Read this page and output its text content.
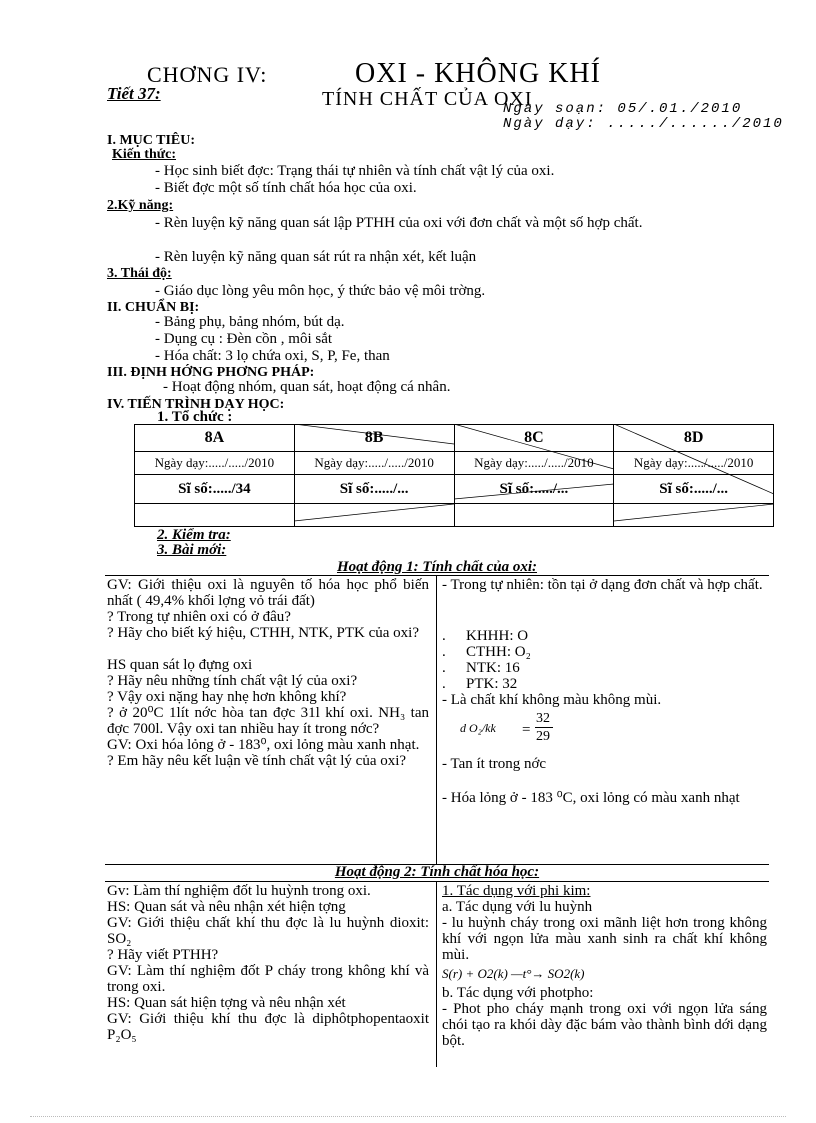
CHƠNG IV:
Tiết 37:
OXI - KHÔNG KHÍ
TÍNH CHẤT CỦA OXI
Ngày soạn: 05/.01./2010
Ngày dạy: ...../....../2010
I. MỤC TIÊU:
Kiến thức:
- Học sinh biết đợc: Trạng thái tự nhiên và tính chất vật lý của oxi.
- Biết đợc một số tính chất hóa học của oxi.
2.Kỹ năng:
- Rèn luyện kỹ năng quan sát lập PTHH của oxi với đơn chất và một số hợp chất.
- Rèn luyện kỹ năng quan sát rút ra nhận xét, kết luận
3. Thái độ:
- Giáo dục lòng yêu môn học, ý thức bảo vệ môi trờng.
II. CHUẨN BỊ:
- Bảng phụ, bảng nhóm, bút dạ.
- Dụng cụ : Đèn cồn , môi sắt
- Hóa chất: 3 lọ chứa oxi, S, P, Fe, than
III. ĐỊNH HỚNG PHƠNG PHÁP:
- Hoạt động nhóm, quan sát, hoạt động cá nhân.
IV. TIẾN TRÌNH DẠY HỌC:
1. Tổ chức :
8A	8B	8C	8D
Ngày dạy:...../...../2010	Ngày dạy:...../...../2010	Ngày dạy:...../...../2010	Ngày dạy:...../...../2010
Sĩ số:...../34	Sĩ số:...../...	Sĩ số:...../...	Sĩ số:...../...

2. Kiểm tra:
3. Bài mới:
Hoạt động 1: Tính chất của oxi:

GV: Giới thiệu oxi là nguyên tố hóa học phổ biến nhất ( 49,4% khối lợng vỏ trái đất)

? Trong tự nhiên oxi có ở đâu?

? Hãy cho biết ký hiệu, CTHH, NTK, PTK của oxi?

HS quan sát lọ đựng oxi

? Hãy nêu những tính chất vật lý của oxi?

? Vậy oxi nặng hay nhẹ hơn không khí?

? ở 20⁰C 1lít nớc hòa tan đợc 31l khí oxi. NH₃ tan đợc 700l. Vậy oxi tan nhiều hay ít trong nớc?

GV: Oxi hóa lỏng ở - 183⁰, oxi lỏng màu xanh nhạt.

? Em hãy nêu kết luận về tính chất vật lý của oxi?

- Trong tự nhiên: tồn tại ở dạng đơn chất và hợp chất.

. KHHH: O

. CTHH: O₂

. NTK: 16

. PTK: 32

- Là chất khí không màu không mùi.

d O₂/kk =
32
29

- Tan ít trong nớc

- Hóa lỏng ở - 183 ⁰C, oxi lỏng có màu xanh nhạt

Hoạt động 2: Tính chất hóa học:

Gv: Làm thí nghiệm đốt lu huỳnh trong oxi.

HS: Quan sát và nêu nhận xét hiện tợng

GV: Giới thiệu chất khí thu đợc là lu huỳnh dioxit: SO₂

? Hãy viết PTHH?

GV: Làm thí nghiệm đốt P cháy trong không khí và trong oxi.

HS: Quan sát hiện tợng và nêu nhận xét

GV: Giới thiệu khí thu đợc là diphôtphopentaoxit P₂O₅

1. Tác dụng với phi kim:

a. Tác dụng với lu huỳnh

- lu huỳnh cháy trong oxi mãnh liệt hơn trong không khí với ngọn lửa màu xanh sinh ra chất khí không mùi.

S(r) + O2(k) —t°→ SO2(k)

b. Tác dụng với photpho:

- Phot pho cháy mạnh trong oxi với ngọn lửa sáng chói tạo ra khói dày đặc bám vào thành bình dới dạng bột.
